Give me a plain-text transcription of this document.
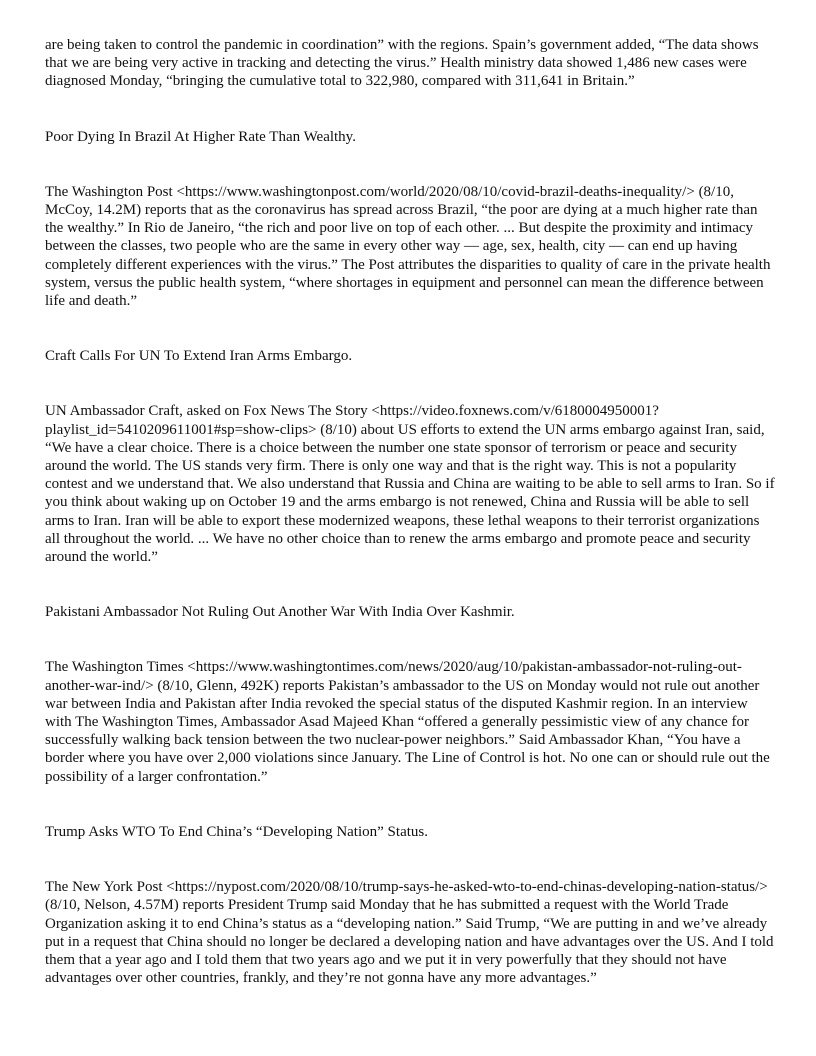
are being taken to control the pandemic in coordination” with the regions. Spain’s government added, “The data shows that we are being very active in tracking and detecting the virus.” Health ministry data showed 1,486 new cases were diagnosed Monday, “bringing the cumulative total to 322,980, compared with 311,641 in Britain.”

Poor Dying In Brazil At Higher Rate Than Wealthy.

The Washington Post <https://www.washingtonpost.com/world/2020/08/10/covid-brazil-deaths-inequality/> (8/10, McCoy, 14.2M) reports that as the coronavirus has spread across Brazil, “the poor are dying at a much higher rate than the wealthy.” In Rio de Janeiro, “the rich and poor live on top of each other. ... But despite the proximity and intimacy between the classes, two people who are the same in every other way — age, sex, health, city — can end up having completely different experiences with the virus.” The Post attributes the disparities to quality of care in the private health system, versus the public health system, “where shortages in equipment and personnel can mean the difference between life and death.”

Craft Calls For UN To Extend Iran Arms Embargo.

UN Ambassador Craft, asked on Fox News The Story <https://video.foxnews.com/v/6180004950001?playlist_id=5410209611001#sp=show-clips> (8/10) about US efforts to extend the UN arms embargo against Iran, said, “We have a clear choice. There is a choice between the number one state sponsor of terrorism or peace and security around the world. The US stands very firm. There is only one way and that is the right way. This is not a popularity contest and we understand that. We also understand that Russia and China are waiting to be able to sell arms to Iran. So if you think about waking up on October 19 and the arms embargo is not renewed, China and Russia will be able to sell arms to Iran. Iran will be able to export these modernized weapons, these lethal weapons to their terrorist organizations all throughout the world. ... We have no other choice than to renew the arms embargo and promote peace and security around the world.”

Pakistani Ambassador Not Ruling Out Another War With India Over Kashmir.

The Washington Times <https://www.washingtontimes.com/news/2020/aug/10/pakistan-ambassador-not-ruling-out-another-war-ind/> (8/10, Glenn, 492K) reports Pakistan’s ambassador to the US on Monday would not rule out another war between India and Pakistan after India revoked the special status of the disputed Kashmir region. In an interview with The Washington Times, Ambassador Asad Majeed Khan “offered a generally pessimistic view of any chance for successfully walking back tension between the two nuclear-power neighbors.” Said Ambassador Khan, “You have a border where you have over 2,000 violations since January. The Line of Control is hot. No one can or should rule out the possibility of a larger confrontation.”

Trump Asks WTO To End China’s “Developing Nation” Status.

The New York Post <https://nypost.com/2020/08/10/trump-says-he-asked-wto-to-end-chinas-developing-nation-status/> (8/10, Nelson, 4.57M) reports President Trump said Monday that he has submitted a request with the World Trade Organization asking it to end China’s status as a “developing nation.” Said Trump, “We are putting in and we’ve already put in a request that China should no longer be declared a developing nation and have advantages over the US. And I told them that a year ago and I told them that two years ago and we put it in very powerfully that they should not have advantages over other countries, frankly, and they’re not gonna have any more advantages.”
